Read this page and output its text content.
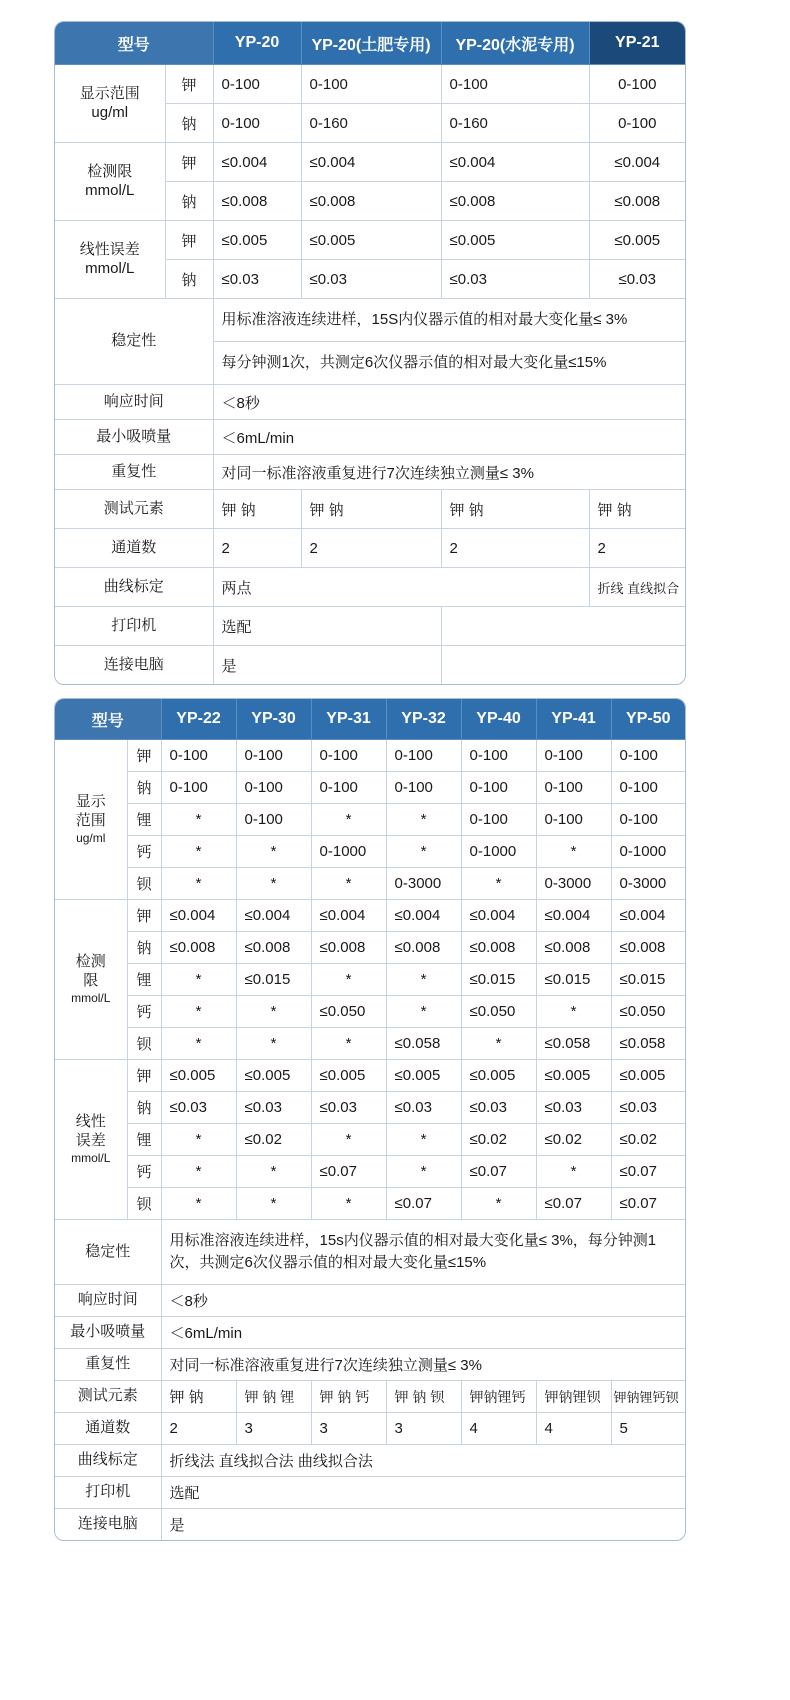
型号		YP-20	YP-20(土肥专用)	YP-20(水泥专用)	YP-21
显示范围
ug/ml	钾	0-100	0-100	0-100	0-100
	钠	0-100	0-160	0-160	0-100
检测限
mmol/L	钾	≤0.004	≤0.004	≤0.004	≤0.004
	钠	≤0.008	≤0.008	≤0.008	≤0.008
线性误差
mmol/L	钾	≤0.005	≤0.005	≤0.005	≤0.005
	钠	≤0.03	≤0.03	≤0.03	≤0.03
稳定性		用标准溶液连续进样，15S内仪器示值的相对最大变化量≤ 3%			
		每分钟测1次，共测定6次仪器示值的相对最大变化量≤15%			
响应时间		＜8秒			
最小吸喷量		＜6mL/min			
重复性		对同一标准溶液重复进行7次连续独立测量≤ 3%			
测试元素		钾 钠	钾 钠	钾 钠	钾 钠
通道数		2	2	2	2
曲线标定		两点			折线 直线拟合
打印机		选配			
连接电脑		是			
型号		YP-22	YP-30	YP-31	YP-32	YP-40	YP-41	YP-50
显示
范围
ug/ml	钾	0-100	0-100	0-100	0-100	0-100	0-100	0-100
	钠	0-100	0-100	0-100	0-100	0-100	0-100	0-100
	锂	*	0-100	*	*	0-100	0-100	0-100
	钙	*	*	0-1000	*	0-1000	*	0-1000
	钡	*	*	*	0-3000	*	0-3000	0-3000
检测
限
mmol/L	钾	≤0.004	≤0.004	≤0.004	≤0.004	≤0.004	≤0.004	≤0.004
	钠	≤0.008	≤0.008	≤0.008	≤0.008	≤0.008	≤0.008	≤0.008
	锂	*	≤0.015	*	*	≤0.015	≤0.015	≤0.015
	钙	*	*	≤0.050	*	≤0.050	*	≤0.050
	钡	*	*	*	≤0.058	*	≤0.058	≤0.058
线性
误差
mmol/L	钾	≤0.005	≤0.005	≤0.005	≤0.005	≤0.005	≤0.005	≤0.005
	钠	≤0.03	≤0.03	≤0.03	≤0.03	≤0.03	≤0.03	≤0.03
	锂	*	≤0.02	*	*	≤0.02	≤0.02	≤0.02
	钙	*	*	≤0.07	*	≤0.07	*	≤0.07
	钡	*	*	*	≤0.07	*	≤0.07	≤0.07
稳定性		用标准溶液连续进样，15s内仪器示值的相对最大变化量≤ 3%，每分钟测1次，共测定6次仪器示值的相对最大变化量≤15%						
响应时间		＜8秒						
最小吸喷量		＜6mL/min						
重复性		对同一标准溶液重复进行7次连续独立测量≤ 3%						
测试元素		钾 钠	钾 钠 锂	钾 钠 钙	钾 钠 钡	钾钠锂钙	钾钠锂钡	钾钠锂钙钡
通道数		2	3	3	3	4	4	5
曲线标定		折线法 直线拟合法 曲线拟合法						
打印机		选配						
连接电脑		是						
